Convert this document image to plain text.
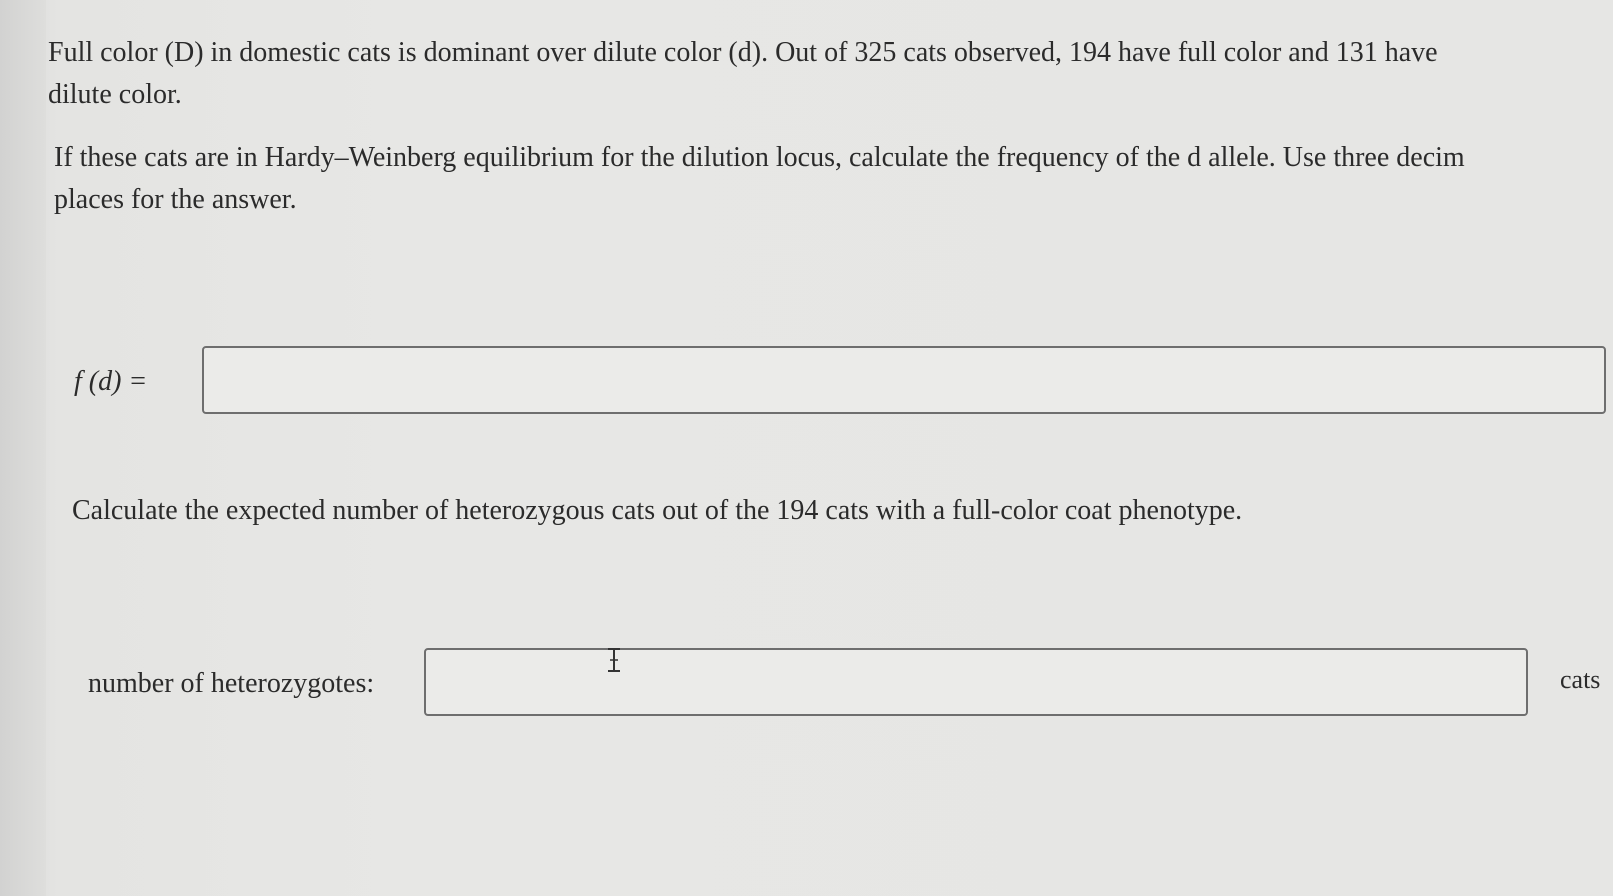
Full color (D) in domestic cats is dominant over dilute color (d). Out of 325 cats observed, 194 have full color and 131 have
dilute color.
If these cats are in Hardy–Weinberg equilibrium for the dilution locus, calculate the frequency of the d allele. Use three decim
places for the answer.
f (d) =
Calculate the expected number of heterozygous cats out of the 194 cats with a full-color coat phenotype.
number of heterozygotes:	cats
